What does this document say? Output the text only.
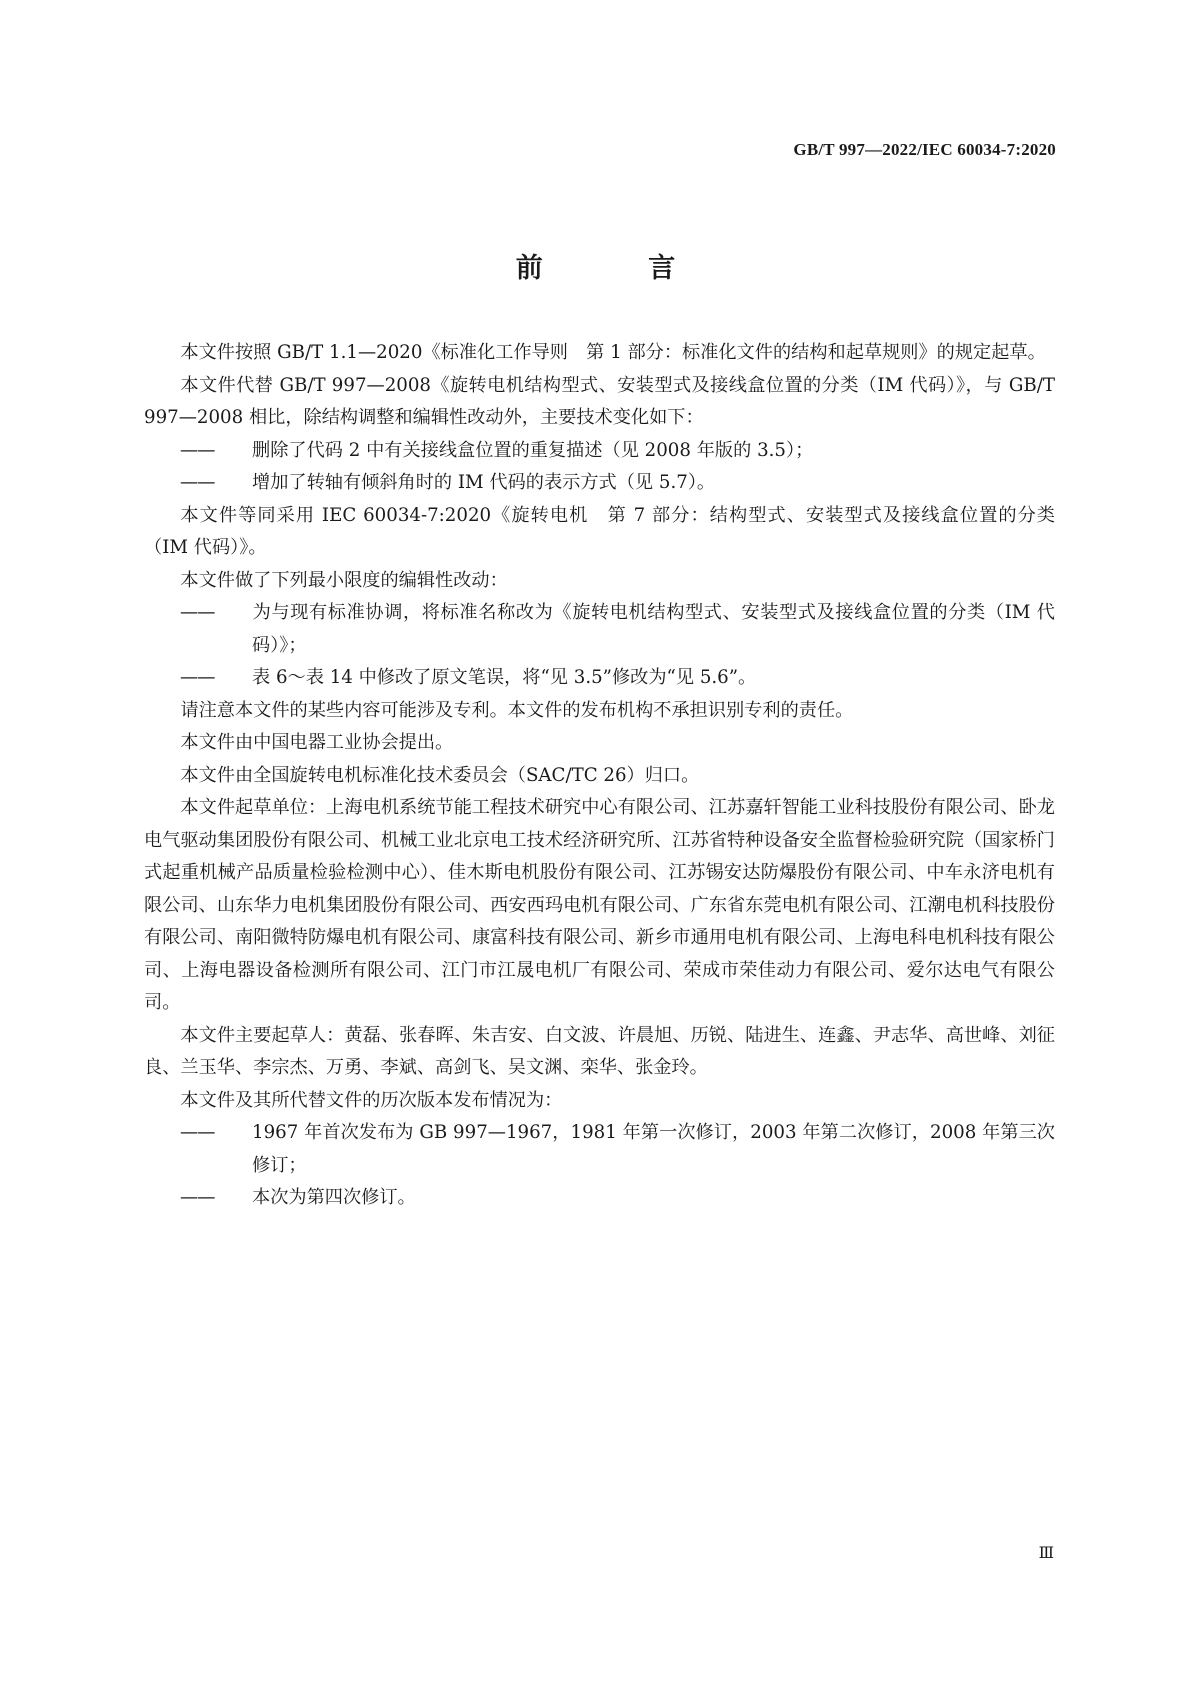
GB/T 997—2022/IEC 60034-7:2020
前 言

本文件按照 GB/T 1.1—2020《标准化工作导则　第 1 部分：标准化文件的结构和起草规则》的规定起草。

本文件代替 GB/T 997—2008《旋转电机结构型式、安装型式及接线盒位置的分类（IM 代码）》，与 GB/T 997—2008 相比，除结构调整和编辑性改动外，主要技术变化如下：

—— 删除了代码 2 中有关接线盒位置的重复描述（见 2008 年版的 3.5）；

—— 增加了转轴有倾斜角时的 IM 代码的表示方式（见 5.7）。

本文件等同采用 IEC 60034-7:2020《旋转电机　第 7 部分：结构型式、安装型式及接线盒位置的分类（IM 代码）》。

本文件做了下列最小限度的编辑性改动：

—— 为与现有标准协调，将标准名称改为《旋转电机结构型式、安装型式及接线盒位置的分类（IM 代码）》；

—— 表 6～表 14 中修改了原文笔误，将“见 3.5”修改为“见 5.6”。

请注意本文件的某些内容可能涉及专利。本文件的发布机构不承担识别专利的责任。

本文件由中国电器工业协会提出。

本文件由全国旋转电机标准化技术委员会（SAC/TC 26）归口。

本文件起草单位：上海电机系统节能工程技术研究中心有限公司、江苏嘉轩智能工业科技股份有限公司、卧龙电气驱动集团股份有限公司、机械工业北京电工技术经济研究所、江苏省特种设备安全监督检验研究院（国家桥门式起重机械产品质量检验检测中心）、佳木斯电机股份有限公司、江苏锡安达防爆股份有限公司、中车永济电机有限公司、山东华力电机集团股份有限公司、西安西玛电机有限公司、广东省东莞电机有限公司、江潮电机科技股份有限公司、南阳微特防爆电机有限公司、康富科技有限公司、新乡市通用电机有限公司、上海电科电机科技有限公司、上海电器设备检测所有限公司、江门市江晟电机厂有限公司、荣成市荣佳动力有限公司、爱尔达电气有限公司。

本文件主要起草人：黄磊、张春晖、朱吉安、白文波、许晨旭、历锐、陆进生、连鑫、尹志华、高世峰、刘征良、兰玉华、李宗杰、万勇、李斌、高剑飞、吴文渊、栾华、张金玲。

本文件及其所代替文件的历次版本发布情况为：

—— 1967 年首次发布为 GB 997—1967，1981 年第一次修订，2003 年第二次修订，2008 年第三次修订；

—— 本次为第四次修订。

Ⅲ
